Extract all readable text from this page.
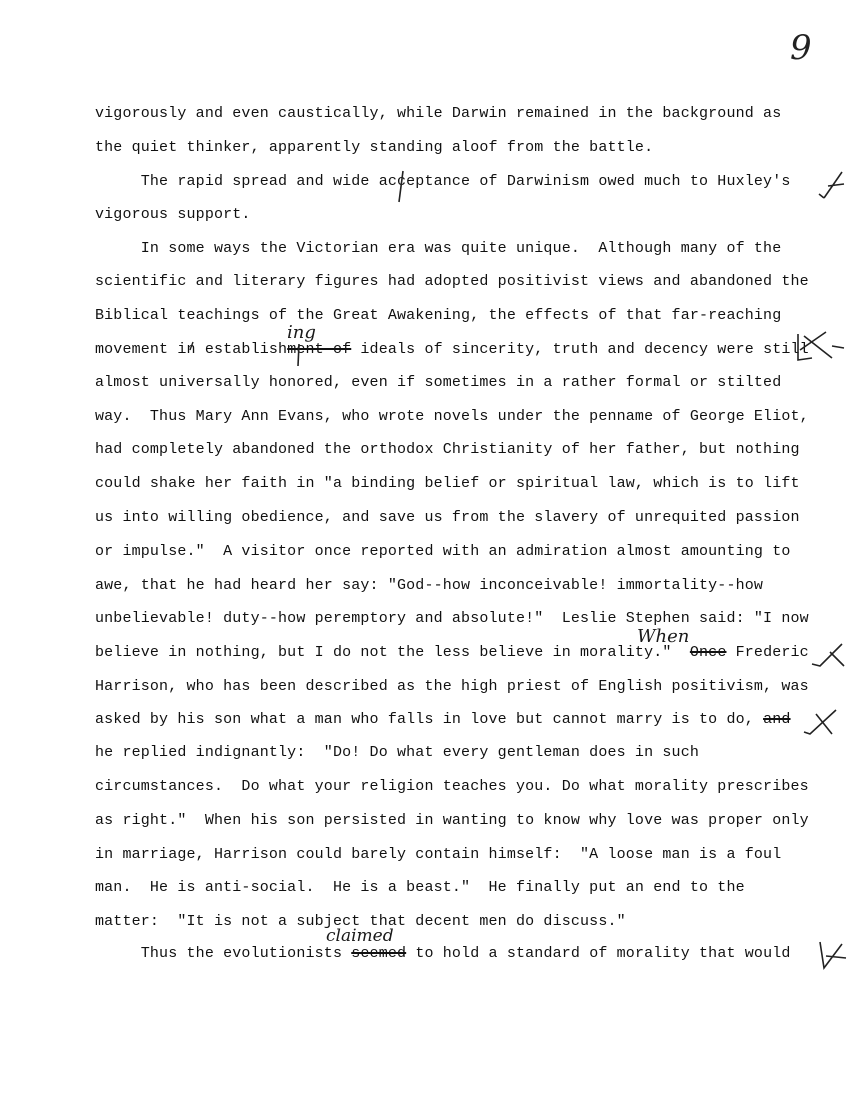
9
vigorously and even caustically, while Darwin remained in the background as
the quiet thinker, apparently standing aloof from the battle.
The rapid spread and wide acceptance of Darwinism owed much to Huxley's
vigorous support.
In some ways the Victorian era was quite unique.  Although many of the
scientific and literary figures had adopted positivist views and abandoned the
Biblical teachings of the Great Awakening, the effects of that far-reaching
movement in establishment of ideals of sincerity, truth and decency were still
almost universally honored, even if sometimes in a rather formal or stilted
way.  Thus Mary Ann Evans, who wrote novels under the penname of George Eliot,
had completely abandoned the orthodox Christianity of her father, but nothing
could shake her faith in "a binding belief or spiritual law, which is to lift
us into willing obedience, and save us from the slavery of unrequited passion
or impulse."  A visitor once reported with an admiration almost amounting to
awe, that he had heard her say: "God--how inconceivable! immortality--how
unbelievable! duty--how peremptory and absolute!"  Leslie Stephen said: "I now
believe in nothing, but I do not the less believe in morality."  Once Frederic
Harrison, who has been described as the high priest of English positivism, was
asked by his son what a man who falls in love but cannot marry is to do, and
he replied indignantly:  "Do! Do what every gentleman does in such
circumstances.  Do what your religion teaches you. Do what morality prescribes
as right."  When his son persisted in wanting to know why love was proper only
in marriage, Harrison could barely contain himself:  "A loose man is a foul
man.  He is anti-social.  He is a beast."  He finally put an end to the
matter:  "It is not a subject that decent men do discuss."
Thus the evolutionists seemed to hold a standard of morality that would
ing
When
claimed
